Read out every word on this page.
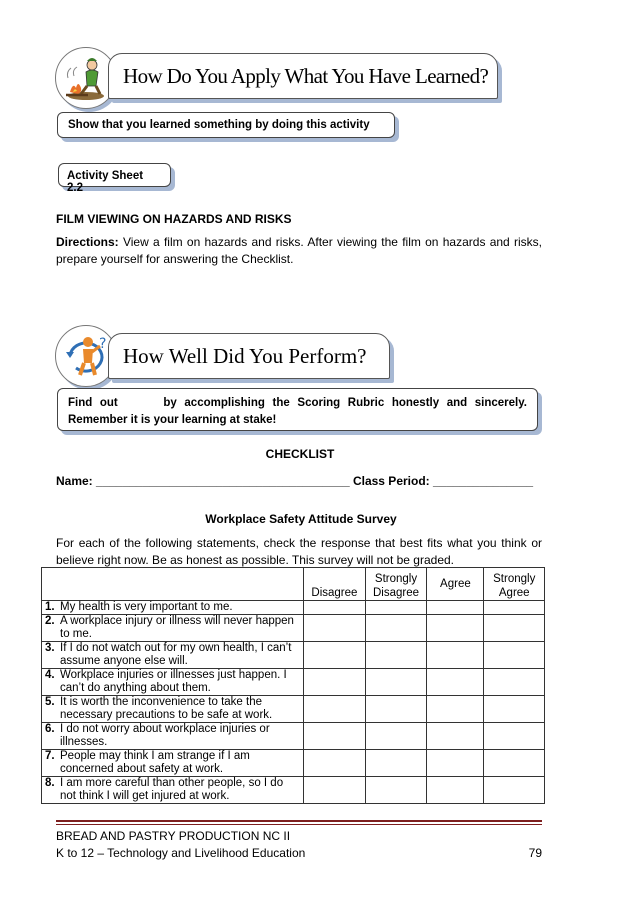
How Do You Apply What You Have Learned?
Show that you learned something by doing this activity
Activity Sheet 2.2
FILM VIEWING ON HAZARDS AND RISKS
Directions: View a film on hazards and risks. After viewing the film on hazards and risks, prepare yourself for answering the Checklist.
? How Well Did You Perform?
Find out      by accomplishing the Scoring Rubric honestly and sincerely. Remember it is your learning at stake!
CHECKLIST
Name: ______________________________________ Class Period: _______________
Workplace Safety Attitude Survey
For each of the following statements, check the response that best fits what you think or believe right now. Be as honest as possible. This survey will not be graded.
	Disagree	Strongly Disagree	Agree	Strongly Agree
1. My health is very important to me.				
2. A workplace injury or illness will never happen to me.				
3. If I do not watch out for my own health, I can’t assume anyone else will.				
4. Workplace injuries or illnesses just happen. I can’t do anything about them.				
5. It is worth the inconvenience to take the necessary precautions to be safe at work.				
6. I do not worry about workplace injuries or illnesses.				
7. People may think I am strange if I am concerned about safety at work.				
8. I am more careful than other people, so I do not think I will get injured at work.				
BREAD AND PASTRY PRODUCTION NC II
K to 12 – Technology and Livelihood Education	79
